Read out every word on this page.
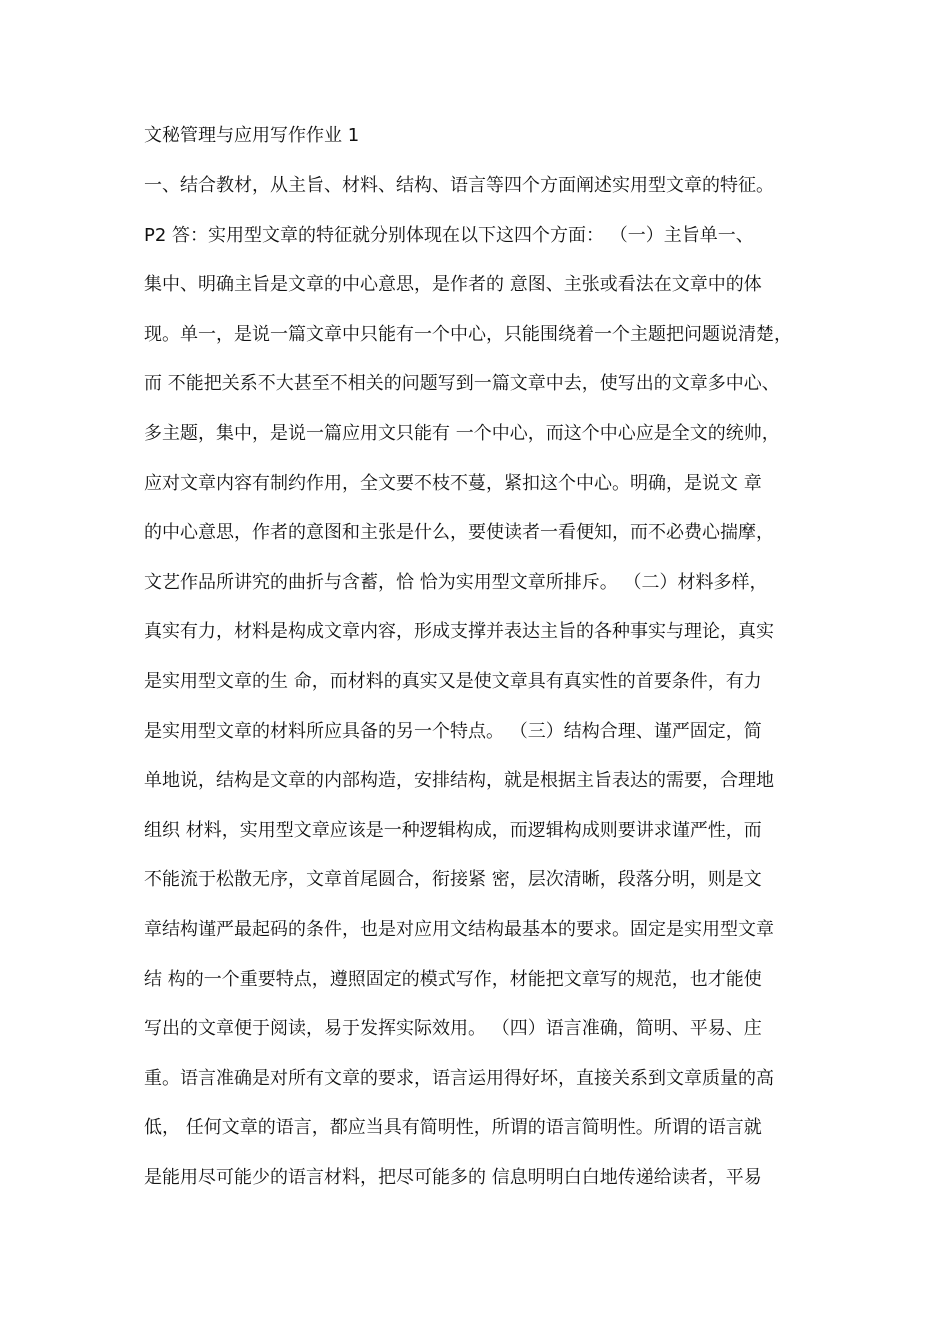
文秘管理与应用写作作业 1
一、结合教材，从主旨、材料、结构、语言等四个方面阐述实用型文章的特征。
P2 答：实用型文章的特征就分别体现在以下这四个方面： （一）主旨单一、
集中、明确主旨是文章的中心意思，是作者的 意图、主张或看法在文章中的体
现。单一，是说一篇文章中只能有一个中心，只能围绕着一个主题把问题说清楚，
而 不能把关系不大甚至不相关的问题写到一篇文章中去，使写出的文章多中心、
多主题，集中，是说一篇应用文只能有 一个中心，而这个中心应是全文的统帅，
应对文章内容有制约作用，全文要不枝不蔓，紧扣这个中心。明确，是说文 章
的中心意思，作者的意图和主张是什么，要使读者一看便知，而不必费心揣摩，
文艺作品所讲究的曲折与含蓄，恰 恰为实用型文章所排斥。 （二）材料多样，
真实有力，材料是构成文章内容，形成支撑并表达主旨的各种事实与理论，真实
是实用型文章的生 命，而材料的真实又是使文章具有真实性的首要条件，有力
是实用型文章的材料所应具备的另一个特点。 （三）结构合理、谨严固定，简
单地说，结构是文章的内部构造，安排结构，就是根据主旨表达的需要，合理地
组织 材料，实用型文章应该是一种逻辑构成，而逻辑构成则要讲求谨严性，而
不能流于松散无序，文章首尾圆合，衔接紧 密，层次清晰，段落分明，则是文
章结构谨严最起码的条件，也是对应用文结构最基本的要求。固定是实用型文章
结 构的一个重要特点，遵照固定的模式写作，材能把文章写的规范，也才能使
写出的文章便于阅读，易于发挥实际效用。 （四）语言准确，简明、平易、庄
重。语言准确是对所有文章的要求，语言运用得好坏，直接关系到文章质量的高
低， 任何文章的语言，都应当具有简明性，所谓的语言简明性。所谓的语言就
是能用尽可能少的语言材料，把尽可能多的 信息明明白白地传递给读者，平易
